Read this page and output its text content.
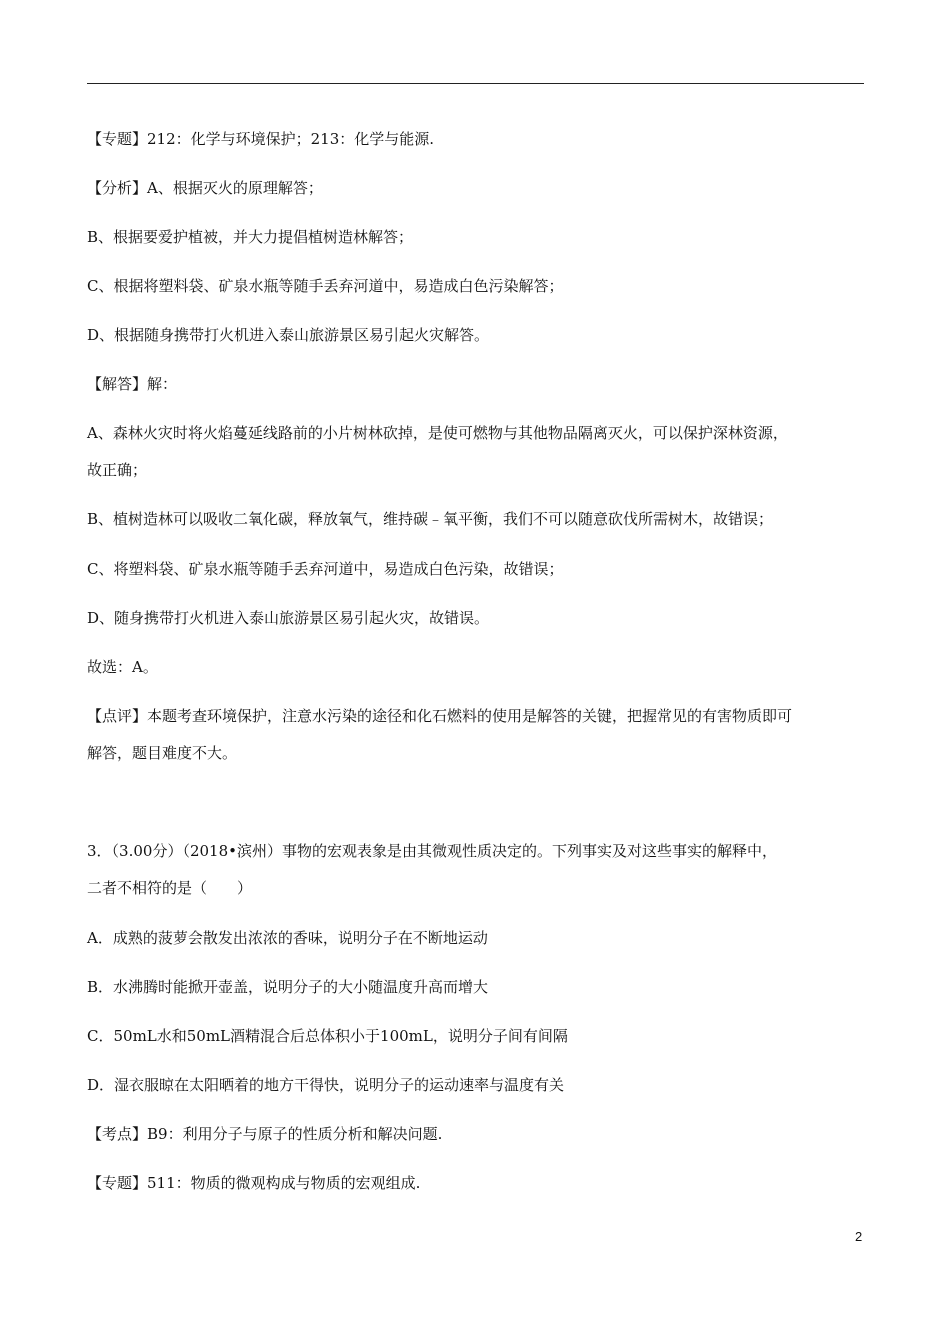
【专题】212：化学与环境保护；213：化学与能源.
【分析】A、根据灭火的原理解答；
B、根据要爱护植被，并大力提倡植树造林解答；
C、根据将塑料袋、矿泉水瓶等随手丢弃河道中，易造成白色污染解答；
D、根据随身携带打火机进入泰山旅游景区易引起火灾解答。
【解答】解：
A、森林火灾时将火焰蔓延线路前的小片树林砍掉，是使可燃物与其他物品隔离灭火，可以保护深林资源，
故正确；
B、植树造林可以吸收二氧化碳，释放氧气，维持碳﹣氧平衡，我们不可以随意砍伐所需树木，故错误；
C、将塑料袋、矿泉水瓶等随手丢弃河道中，易造成白色污染，故错误；
D、随身携带打火机进入泰山旅游景区易引起火灾，故错误。
故选：A。
【点评】本题考查环境保护，注意水污染的途径和化石燃料的使用是解答的关键，把握常见的有害物质即可
解答，题目难度不大。
3．（3.00分）（2018•滨州）事物的宏观表象是由其微观性质决定的。下列事实及对这些事实的解释中，
二者不相符的是（　　）
A．成熟的菠萝会散发出浓浓的香味，说明分子在不断地运动
B．水沸腾时能掀开壶盖，说明分子的大小随温度升高而增大
C．50mL水和50mL酒精混合后总体积小于100mL，说明分子间有间隔
D．湿衣服晾在太阳晒着的地方干得快，说明分子的运动速率与温度有关
【考点】B9：利用分子与原子的性质分析和解决问题.
【专题】511：物质的微观构成与物质的宏观组成.
2
